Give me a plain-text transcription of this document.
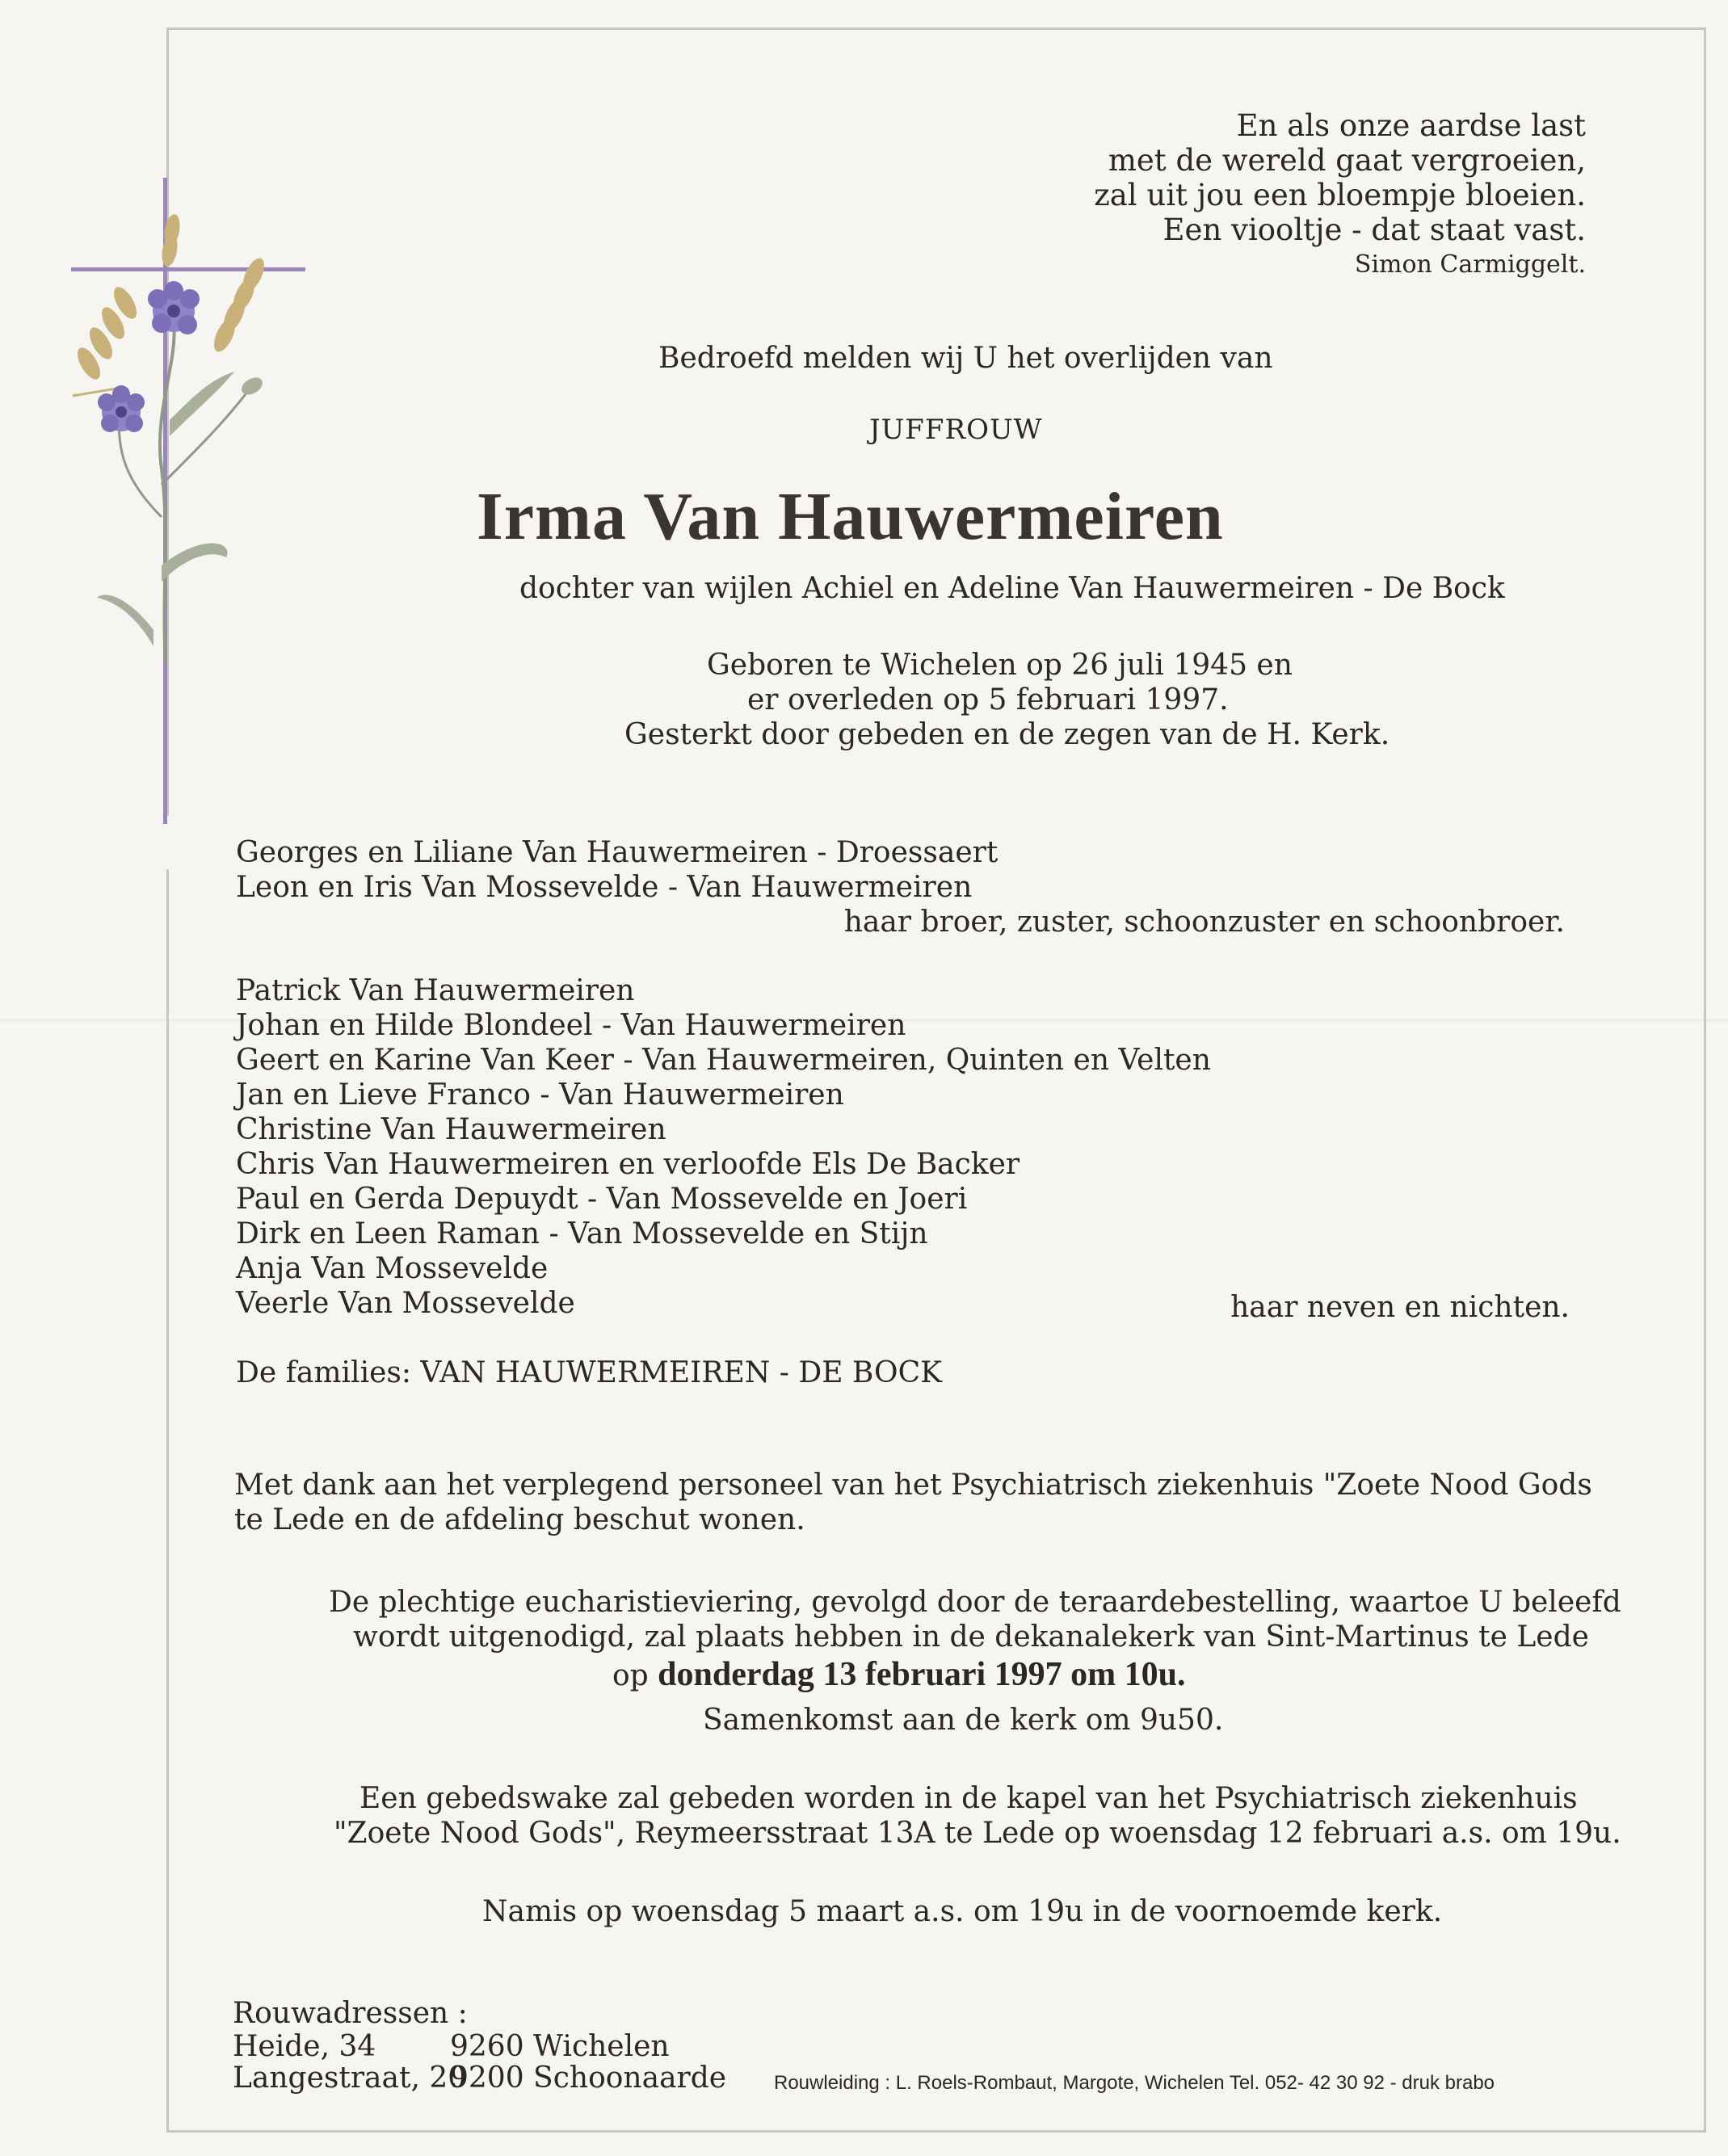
En als onze aardse last
met de wereld gaat vergroeien,
zal uit jou een bloempje bloeien.
Een viooltje - dat staat vast.
Simon Carmiggelt.
Bedroefd melden wij U het overlijden van
JUFFROUW
Irma Van Hauwermeiren
dochter van wijlen Achiel en Adeline Van Hauwermeiren - De Bock
Geboren te Wichelen op 26 juli 1945 en
er overleden op 5 februari 1997.
Gesterkt door gebeden en de zegen van de H. Kerk.
Georges en Liliane Van Hauwermeiren - Droessaert
Leon en Iris Van Mossevelde - Van Hauwermeiren
haar broer, zuster, schoonzuster en schoonbroer.
Patrick Van Hauwermeiren
Johan en Hilde Blondeel - Van Hauwermeiren
Geert en Karine Van Keer - Van Hauwermeiren, Quinten en Velten
Jan en Lieve Franco - Van Hauwermeiren
Christine Van Hauwermeiren
Chris Van Hauwermeiren en verloofde Els De Backer
Paul en Gerda Depuydt - Van Mossevelde en Joeri
Dirk en Leen Raman - Van Mossevelde en Stijn
Anja Van Mossevelde
Veerle Van Mossevelde	haar neven en nichten.
De families: VAN HAUWERMEIREN - DE BOCK
Met dank aan het verplegend personeel van het Psychiatrisch ziekenhuis "Zoete Nood Gods
te Lede en de afdeling beschut wonen.
De plechtige eucharistieviering, gevolgd door de teraardebestelling, waartoe U beleefd
wordt uitgenodigd, zal plaats hebben in de dekanalekerk van Sint-Martinus te Lede
op donderdag 13 februari 1997 om 10u.
Samenkomst aan de kerk om 9u50.
Een gebedswake zal gebeden worden in de kapel van het Psychiatrisch ziekenhuis
"Zoete Nood Gods", Reymeersstraat 13A te Lede op woensdag 12 februari a.s. om 19u.
Namis op woensdag 5 maart a.s. om 19u in de voornoemde kerk.
Rouwadressen :
Heide, 34	9260 Wichelen
Langestraat, 20
9200 Schoonaarde Rouwleiding : L. Roels-Rombaut, Margote, Wichelen Tel. 052- 42 30 92 - druk brabo
